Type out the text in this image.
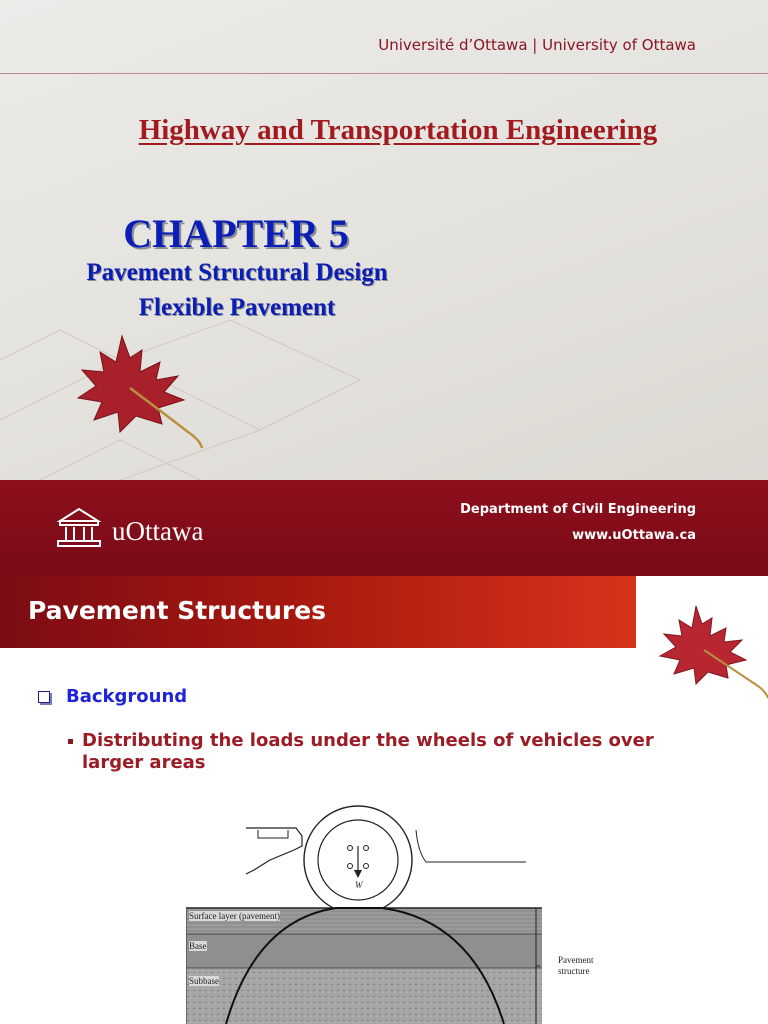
Université d’Ottawa | University of Ottawa
Highway and Transportation Engineering
CHAPTER 5
Pavement Structural Design
Flexible Pavement
uOttawa
Department of Civil Engineering
www.uOttawa.ca
Pavement Structures
Background
Distributing the loads under the wheels of vehicles over larger areas
W
Surface layer (pavement)
Base
Subbase
Pavement
structure
